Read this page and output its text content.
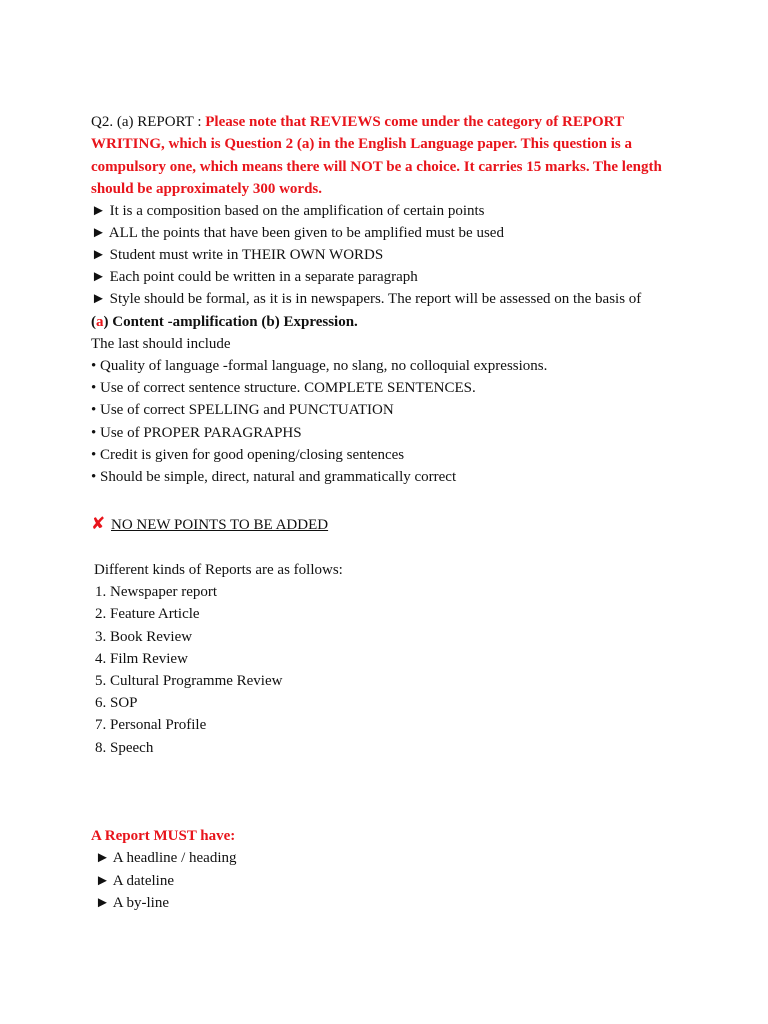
Q2. (a) REPORT : Please note that REVIEWS come under the category of REPORT
WRITING, which is Question 2 (a) in the English Language paper. This question is a
compulsory one, which means there will NOT be a choice. It carries 15 marks. The length
should be approximately 300 words.
► It is a composition based on the amplification of certain points
► ALL the points that have been given to be amplified must be used
► Student must write in THEIR OWN WORDS
► Each point could be written in a separate paragraph
► Style should be formal, as it is in newspapers. The report will be assessed on the basis of
(a) Content -amplification (b) Expression.
The last should include
• Quality of language -formal language, no slang, no colloquial expressions.
• Use of correct sentence structure. COMPLETE SENTENCES.
• Use of correct SPELLING and PUNCTUATION
• Use of PROPER PARAGRAPHS
• Credit is given for good opening/closing sentences
• Should be simple, direct, natural and grammatically correct
✘ NO NEW POINTS TO BE ADDED
Different kinds of Reports are as follows:
1. Newspaper report
2. Feature Article
3. Book Review
4. Film Review
5. Cultural Programme Review
6. SOP
7. Personal Profile
8. Speech
A Report MUST have:
► A headline / heading
► A dateline
► A by-line
